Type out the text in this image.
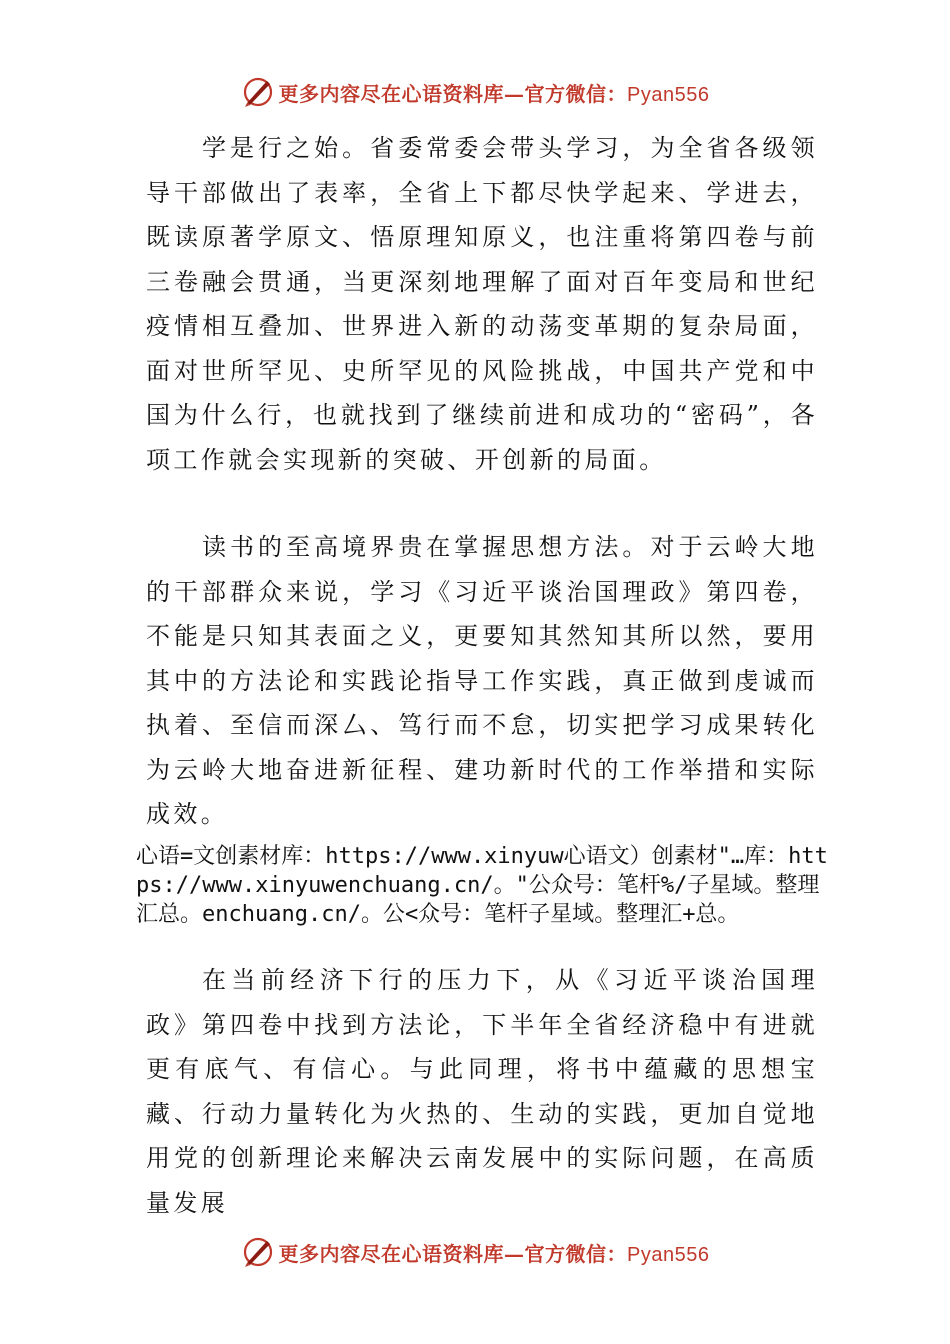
更多内容尽在心语资料库—官方微信：Pyan556

学是行之始。省委常委会带头学习，为全省各级领导干部做出了表率，全省上下都尽快学起来、学进去，既读原著学原文、悟原理知原义，也注重将第四卷与前三卷融会贯通，当更深刻地理解了面对百年变局和世纪疫情相互叠加、世界进入新的动荡变革期的复杂局面，面对世所罕见、史所罕见的风险挑战，中国共产党和中国为什么行，也就找到了继续前进和成功的“密码”，各项工作就会实现新的突破、开创新的局面。

读书的至高境界贵在掌握思想方法。对于云岭大地的干部群众来说，学习《习近平谈治国理政》第四卷，不能是只知其表面之义，更要知其然知其所以然，要用其中的方法论和实践论指导工作实践，真正做到虔诚而执着、至信而深厶、笃行而不怠，切实把学习成果转化为云岭大地奋进新征程、建功新时代的工作举措和实际成效。

心语=文创素材库：https://www.xinyuw心语文）创素材"…库：https://www.xinyuwenchuang.cn/。"公众号：笔杆%/子星域。整理汇总。enchuang.cn/。公<众号：笔杆子星域。整理汇+总。

在当前经济下行的压力下，从《习近平谈治国理政》第四卷中找到方法论，下半年全省经济稳中有进就更有底气、有信心。与此同理，将书中蕴藏的思想宝藏、行动力量转化为火热的、生动的实践，更加自觉地用党的创新理论来解决云南发展中的实际问题，在高质量发展

更多内容尽在心语资料库—官方微信：Pyan556
